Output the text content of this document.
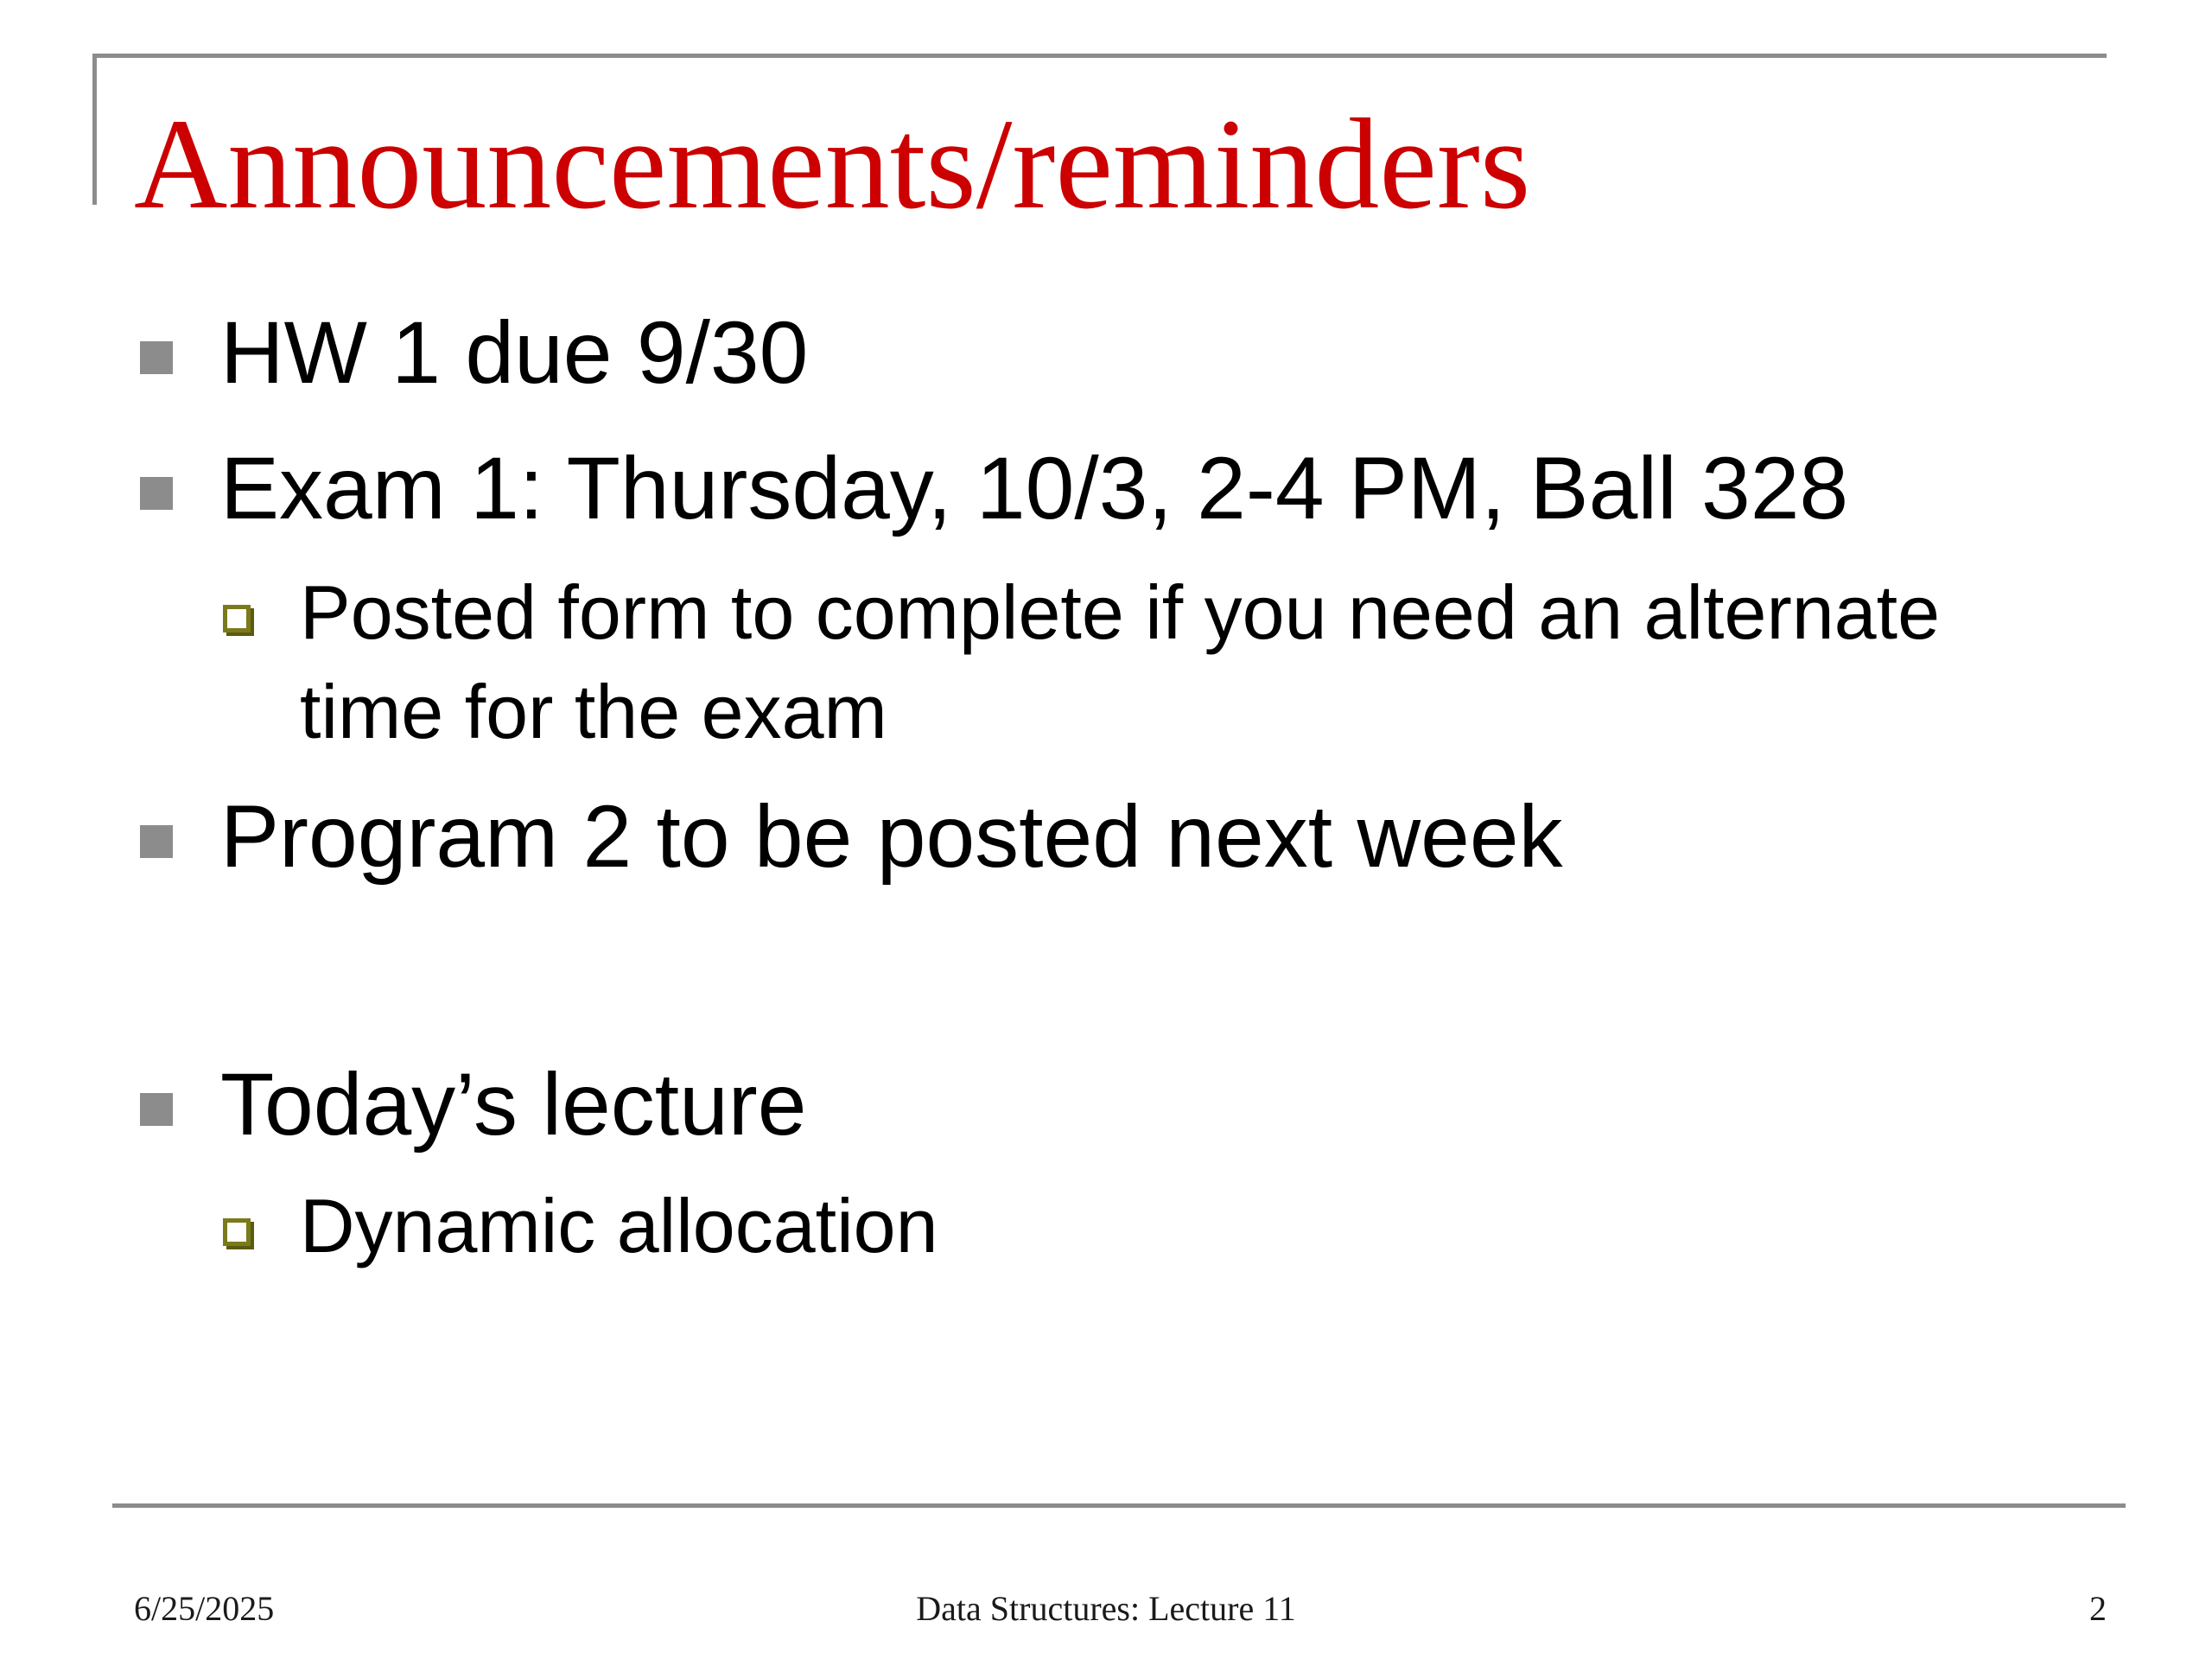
Announcements/reminders
HW 1 due 9/30
Exam 1: Thursday, 10/3, 2-4 PM, Ball 328
Posted form to complete if you need an alternate
time for the exam
Program 2 to be posted next week
Today’s lecture
Dynamic allocation
6/25/2025	Data Structures: Lecture 11	2
